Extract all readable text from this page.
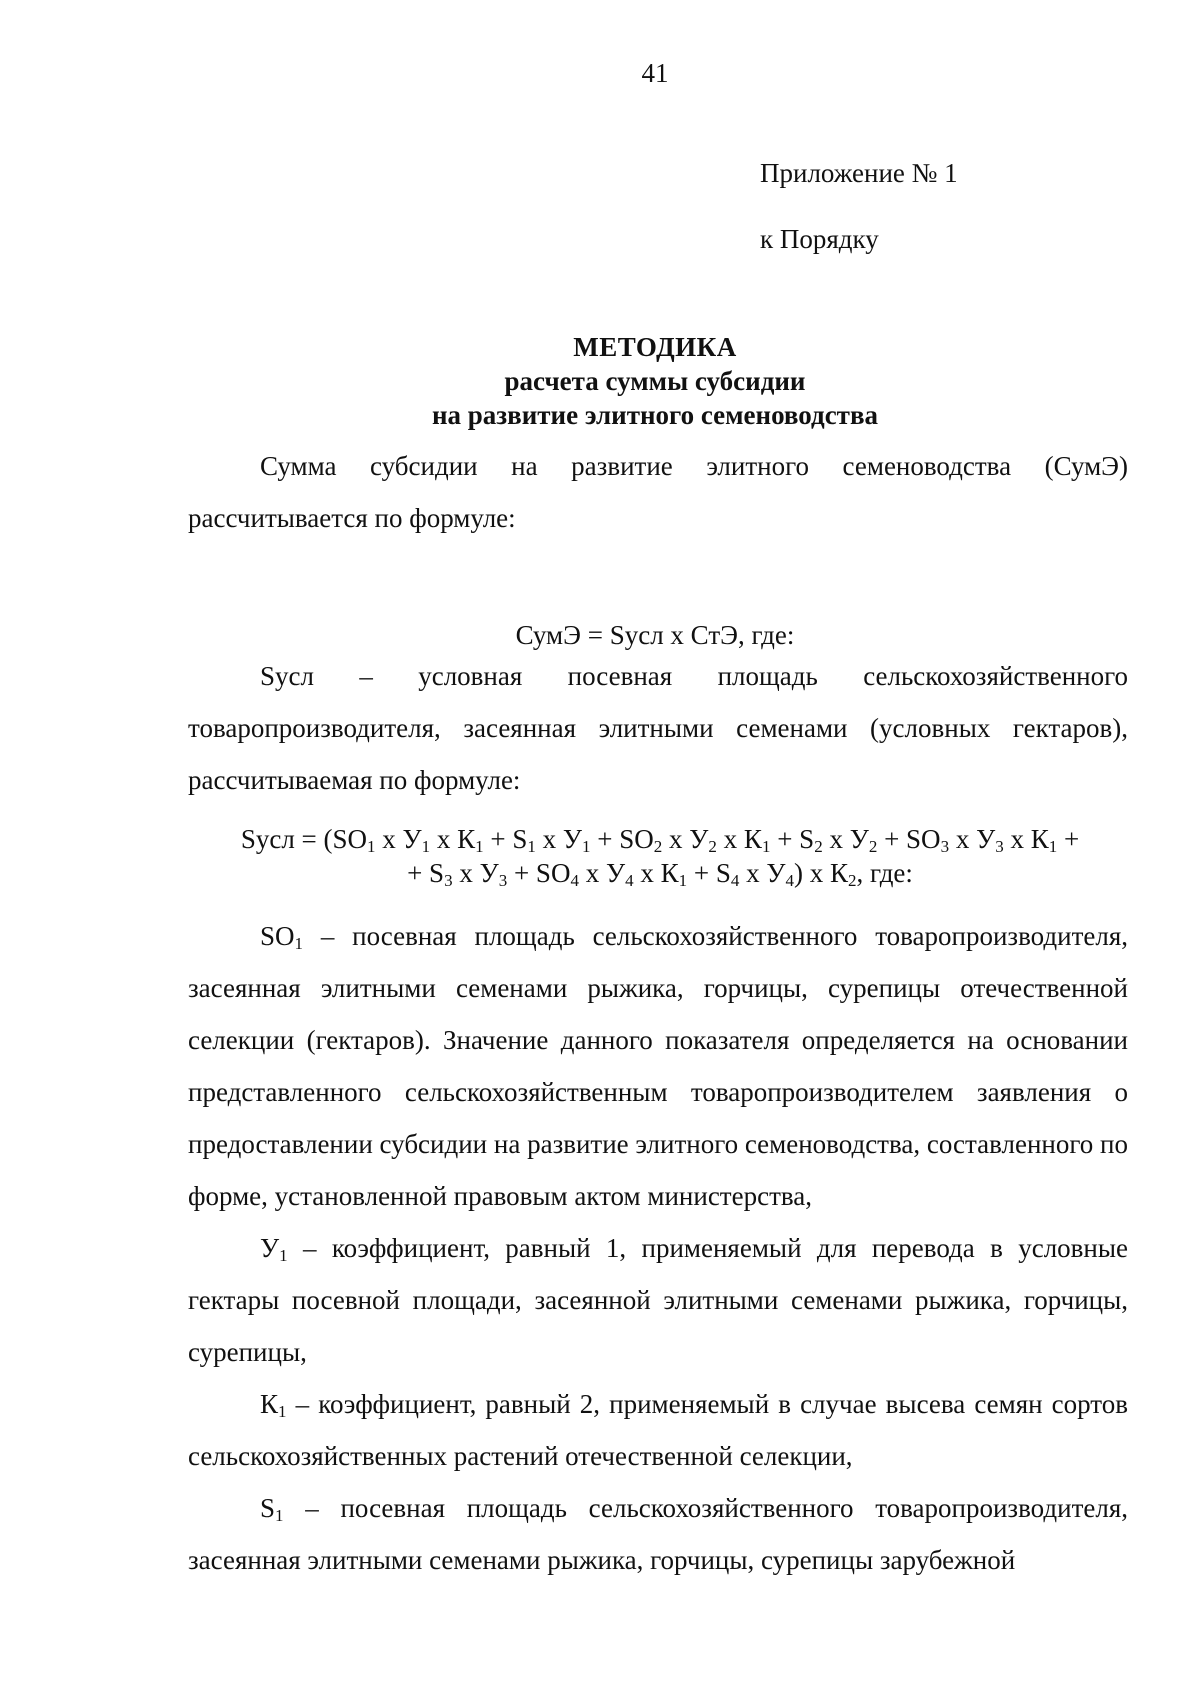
41
Приложение № 1
к Порядку
МЕТОДИКА
расчета суммы субсидии
на развитие элитного семеноводства

Сумма субсидии на развитие элитного семеноводства (СумЭ) рассчитывается по формуле:

СумЭ = Sусл х СтЭ, где:

Sусл – условная посевная площадь сельскохозяйственного товаропроизводителя, засеянная элитными семенами (условных гектаров), рассчитываемая по формуле:

Sусл = ($SO_1$ х $У_1$ х $К_1 + S_1$ х $У_1 + SO_2$ х $У_2$ х $К_1 + S_2$ х $У_2 + SO_3$ х $У_3$ х $К_1$ +
+ $S_3$ х $У_3 + SO_4$ х $У_4$ х $К_1 + S_4$ х $У_4$) х $К_2$, где:

$SO_1$ – посевная площадь сельскохозяйственного товаропроизводителя, засеянная элитными семенами рыжика, горчицы, сурепицы отечественной селекции (гектаров). Значение данного показателя определяется на основании представленного сельскохозяйственным товаропроизводителем заявления о предоставлении субсидии на развитие элитного семеноводства, составленного по форме, установленной правовым актом министерства,

$У_1$ – коэффициент, равный 1, применяемый для перевода в условные гектары посевной площади, засеянной элитными семенами рыжика, горчицы, сурепицы,

$К_1$ – коэффициент, равный 2, применяемый в случае высева семян сортов сельскохозяйственных растений отечественной селекции,

$S_1$ – посевная площадь сельскохозяйственного товаропроизводителя, засеянная элитными семенами рыжика, горчицы, сурепицы зарубежной
